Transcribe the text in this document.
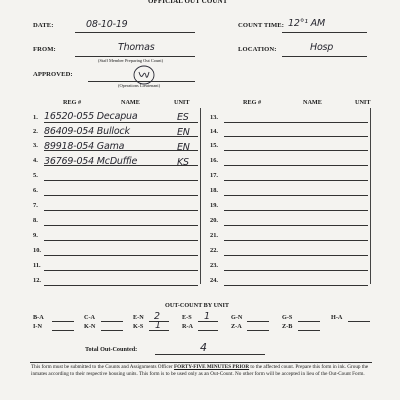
OFFICIAL OUT COUNT
DATE:	08-10-19	COUNT TIME: 12°¹ AM
FROM:	Thomas
(Staff Member Preparing Out Count)
LOCATION:	Hosp
APPROVED:
(Operations Lieutenant)
REG #	NAME	UNIT	REG #	NAME	UNIT
1. 16520-055 Decapua	ES
2. 86409-054 Bullock	EN
3. 89918-054 Gama	EN
4. 36769-054 McDuffie	KS
5.
6.
7.
8.
9.
10.
11.
12.
13.
14.
15.
16.
17.
18.
19.
20.
21.
22.
23.
24.
OUT-COUNT BY UNIT
B-A	C-A	E-N 2	E-S 1	G-N	G-S	H-A
I-N	K-N	K-S 1	R-A	Z-A	Z-B
Total Out-Counted:	4
This form must be submitted to the Counts and Assignments Officer FORTY-FIVE MINUTES PRIOR to the affected count. Prepare this form in ink. Group the inmates according to their respective housing units. This form is to be used only as an Out-Count. No other form will be accepted in lieu of the Out-Count Form.
